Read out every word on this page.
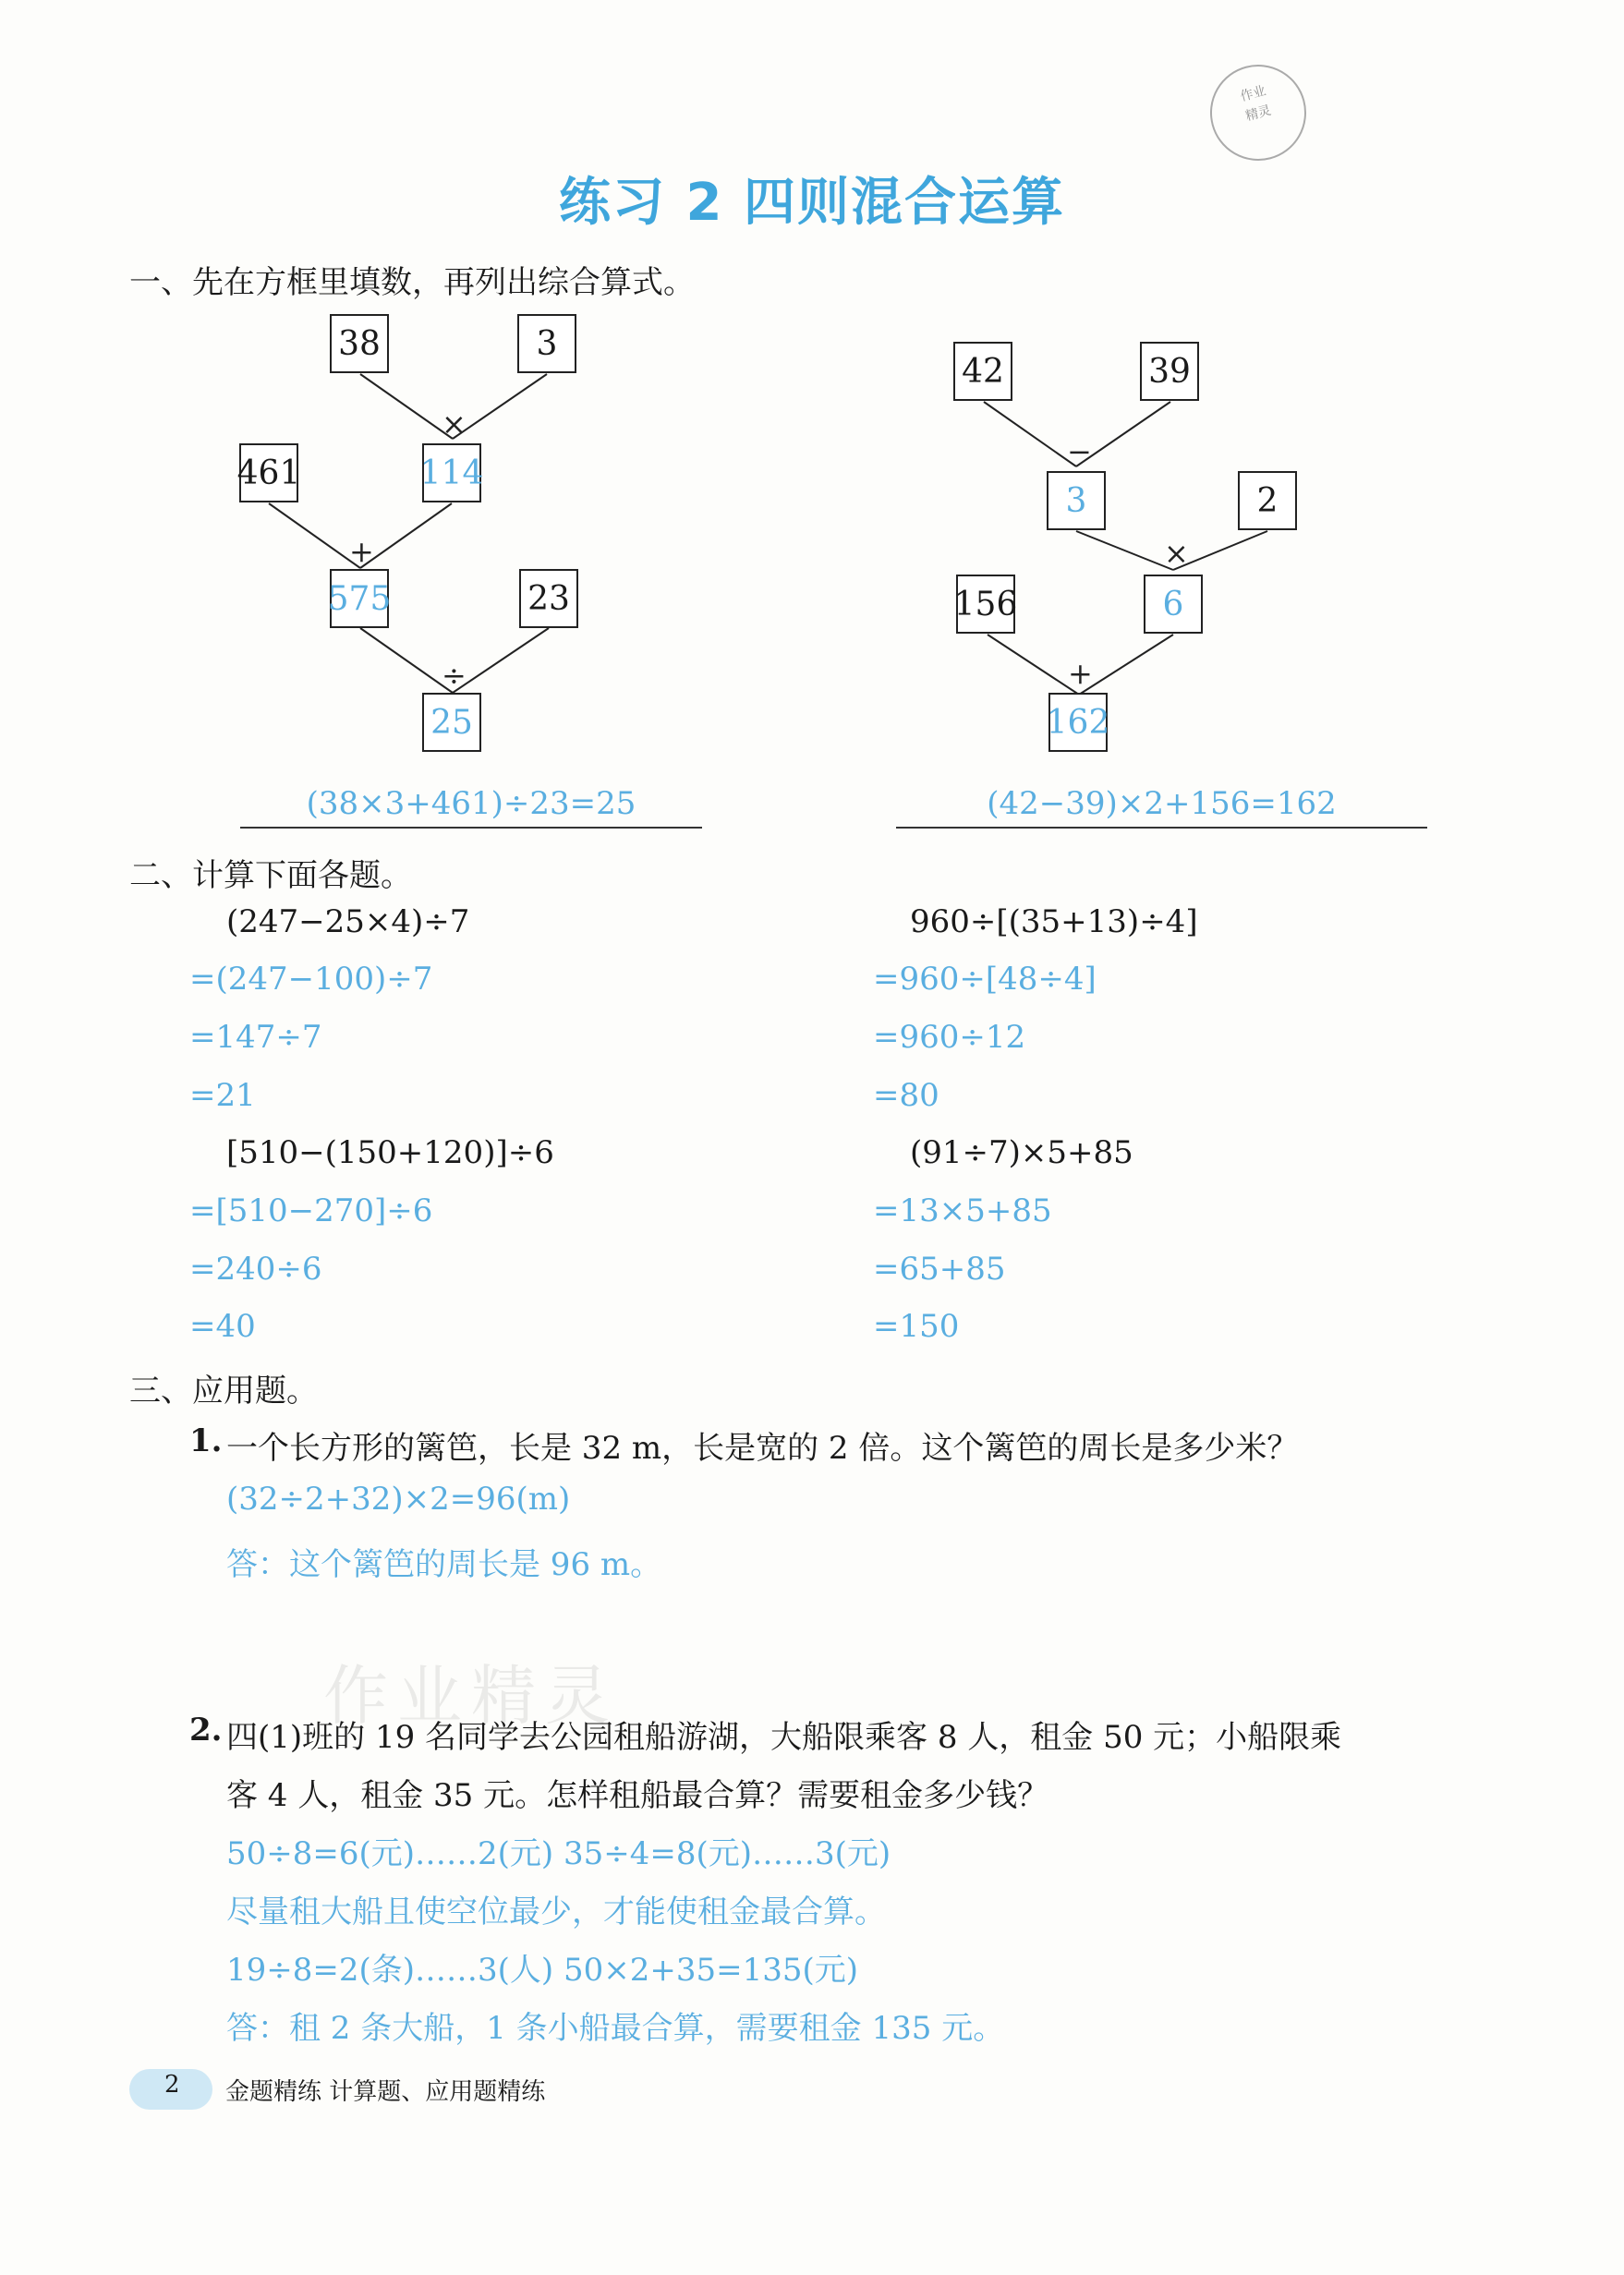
作业
精灵
练习 2 四则混合运算
一、先在方框里填数，再列出综合算式。
38	3
×
461	114
+
575	23
÷
25
(38×3+461)÷23=25
42	39
−
3	2
×
156	6
+
162
(42−39)×2+156=162
二、计算下面各题。
(247−25×4)÷7
=(247−100)÷7
=147÷7
=21
960÷[(35+13)÷4]
=960÷[48÷4]
=960÷12
=80
[510−(150+120)]÷6
=[510−270]÷6
=240÷6
=40
(91÷7)×5+85
=13×5+85
=65+85
=150
三、应用题。
1. 一个长方形的篱笆，长是 32 m，长是宽的 2 倍。这个篱笆的周长是多少米？
(32÷2+32)×2=96(m)
答：这个篱笆的周长是 96 m。
作业精灵
2. 四(1)班的 19 名同学去公园租船游湖，大船限乘客 8 人，租金 50 元；小船限乘
客 4 人，租金 35 元。怎样租船最合算？需要租金多少钱？
50÷8=6(元)……2(元) 35÷4=8(元)……3(元)
尽量租大船且使空位最少，才能使租金最合算。
19÷8=2(条)……3(人) 50×2+35=135(元)
答：租 2 条大船，1 条小船最合算，需要租金 135 元。
2 金题精练 计算题、应用题精练
